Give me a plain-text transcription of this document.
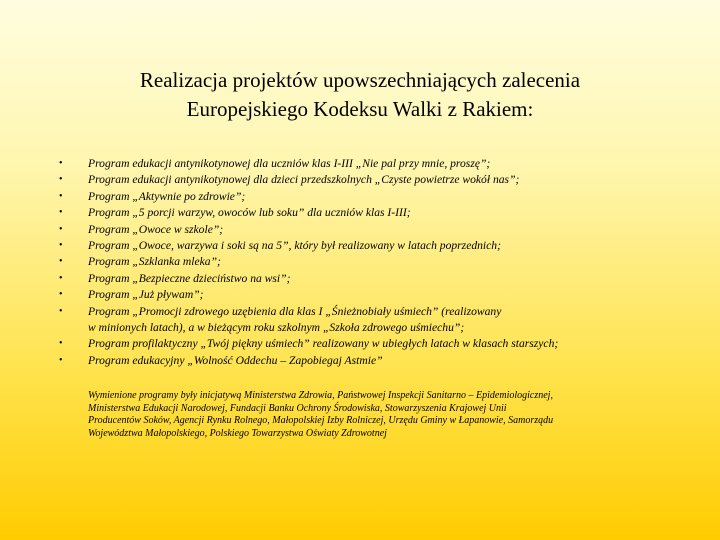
Realizacja projektów upowszechniających zalecenia
Europejskiego Kodeksu Walki z Rakiem:
• Program edukacji antynikotynowej dla uczniów klas I-III „Nie pal przy mnie, proszę”;
• Program edukacji antynikotynowej dla dzieci przedszkolnych „Czyste powietrze wokół nas”;
• Program „Aktywnie po zdrowie”;
• Program „5 porcji warzyw, owoców lub soku” dla uczniów klas I-III;
• Program „Owoce w szkole”;
• Program „Owoce, warzywa i soki są na 5”, który był realizowany w latach poprzednich;
• Program „Szklanka mleka”;
• Program „Bezpieczne dzieciństwo na wsi”;
• Program „Już pływam”;
• Program „Promocji zdrowego uzębienia dla klas I „Śnieżnobiały uśmiech” (realizowany
w minionych latach), a w bieżącym roku szkolnym „Szkoła zdrowego uśmiechu”;
• Program profilaktyczny „Twój piękny uśmiech” realizowany w ubiegłych latach w klasach starszych;
• Program edukacyjny „Wolność Oddechu – Zapobiegaj Astmie”
Wymienione programy były inicjatywą Ministerstwa Zdrowia, Państwowej Inspekcji Sanitarno – Epidemiologicznej,
Ministerstwa Edukacji Narodowej, Fundacji Banku Ochrony Środowiska, Stowarzyszenia Krajowej Unii
Producentów Soków, Agencji Rynku Rolnego, Małopolskiej Izby Rolniczej, Urzędu Gminy w Łapanowie, Samorządu
Województwa Małopolskiego, Polskiego Towarzystwa Oświaty Zdrowotnej
